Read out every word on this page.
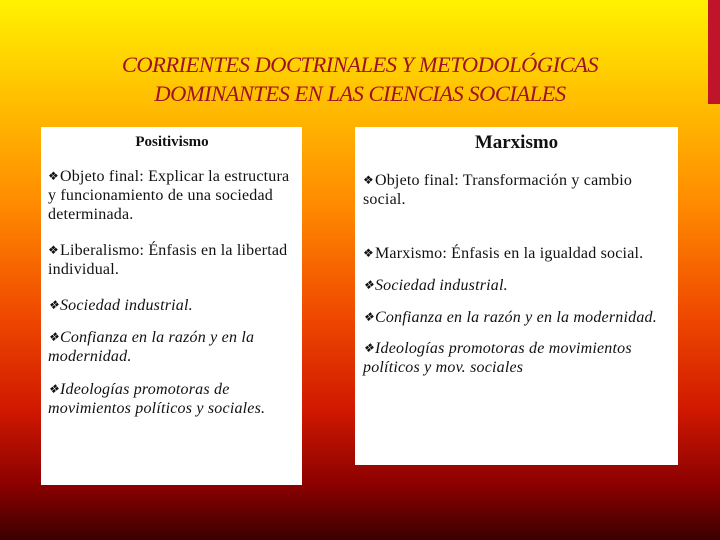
CORRIENTES DOCTRINALES Y METODOLÓGICAS
DOMINANTES EN LAS CIENCIAS SOCIALES
Positivismo
❖Objeto final: Explicar la estructura y funcionamiento de una sociedad determinada.
❖Liberalismo: Énfasis en la libertad individual.
❖Sociedad industrial.
❖Confianza en la razón y en la modernidad.
❖Ideologías promotoras de movimientos políticos y sociales.
Marxismo
❖Objeto final: Transformación y cambio social.
❖Marxismo: Énfasis en la igualdad social.
❖Sociedad industrial.
❖Confianza en la razón y en la modernidad.
❖Ideologías promotoras de movimientos políticos y mov. sociales
